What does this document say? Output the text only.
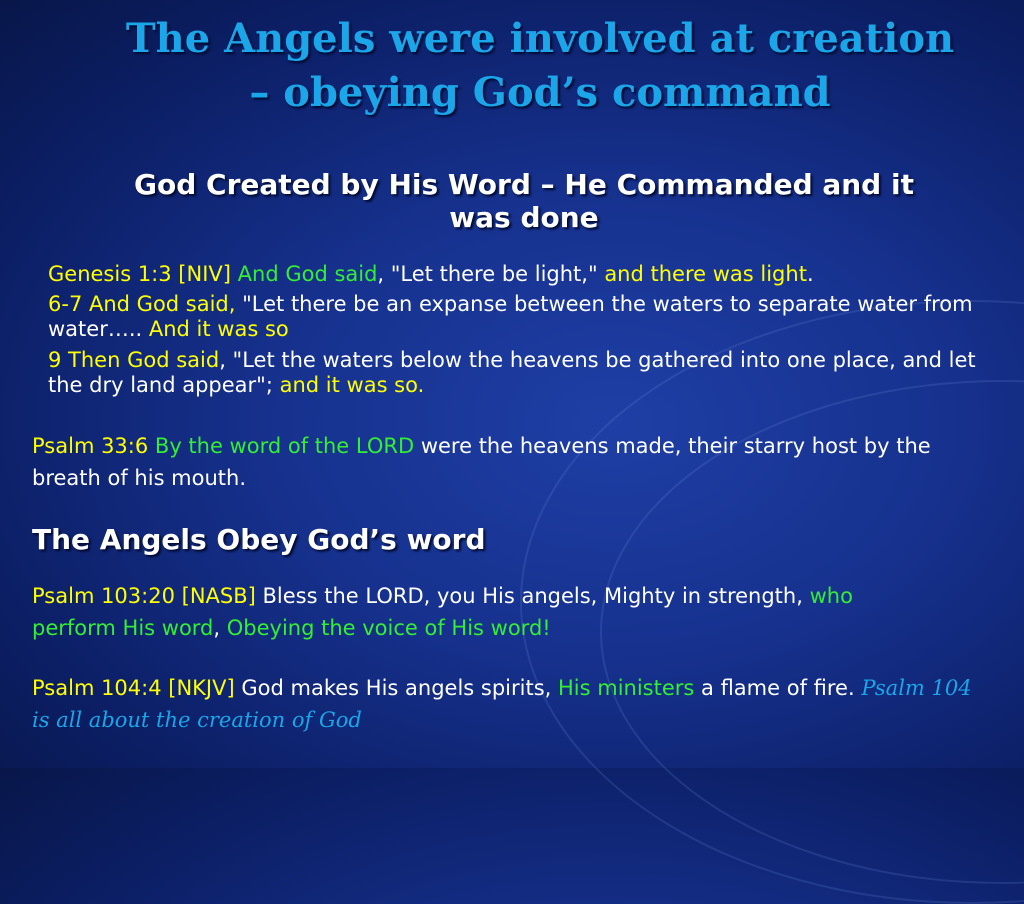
The Angels were involved at creation
– obeying God’s command
God Created by His Word – He Commanded and it
was done
Genesis 1:3 [NIV] And God said, "Let there be light," and there was light.
6-7 And God said, "Let there be an expanse between the waters to separate water from water….. And it was so
9 Then God said, "Let the waters below the heavens be gathered into one place, and let the dry land appear"; and it was so.
Psalm 33:6 By the word of the LORD were the heavens made, their starry host by the breath of his mouth.
The Angels Obey God’s word
Psalm 103:20 [NASB] Bless the LORD, you His angels, Mighty in strength, who perform His word, Obeying the voice of His word!
Psalm 104:4 [NKJV] God makes His angels spirits, His ministers a flame of fire. Psalm 104 is all about the creation of God
